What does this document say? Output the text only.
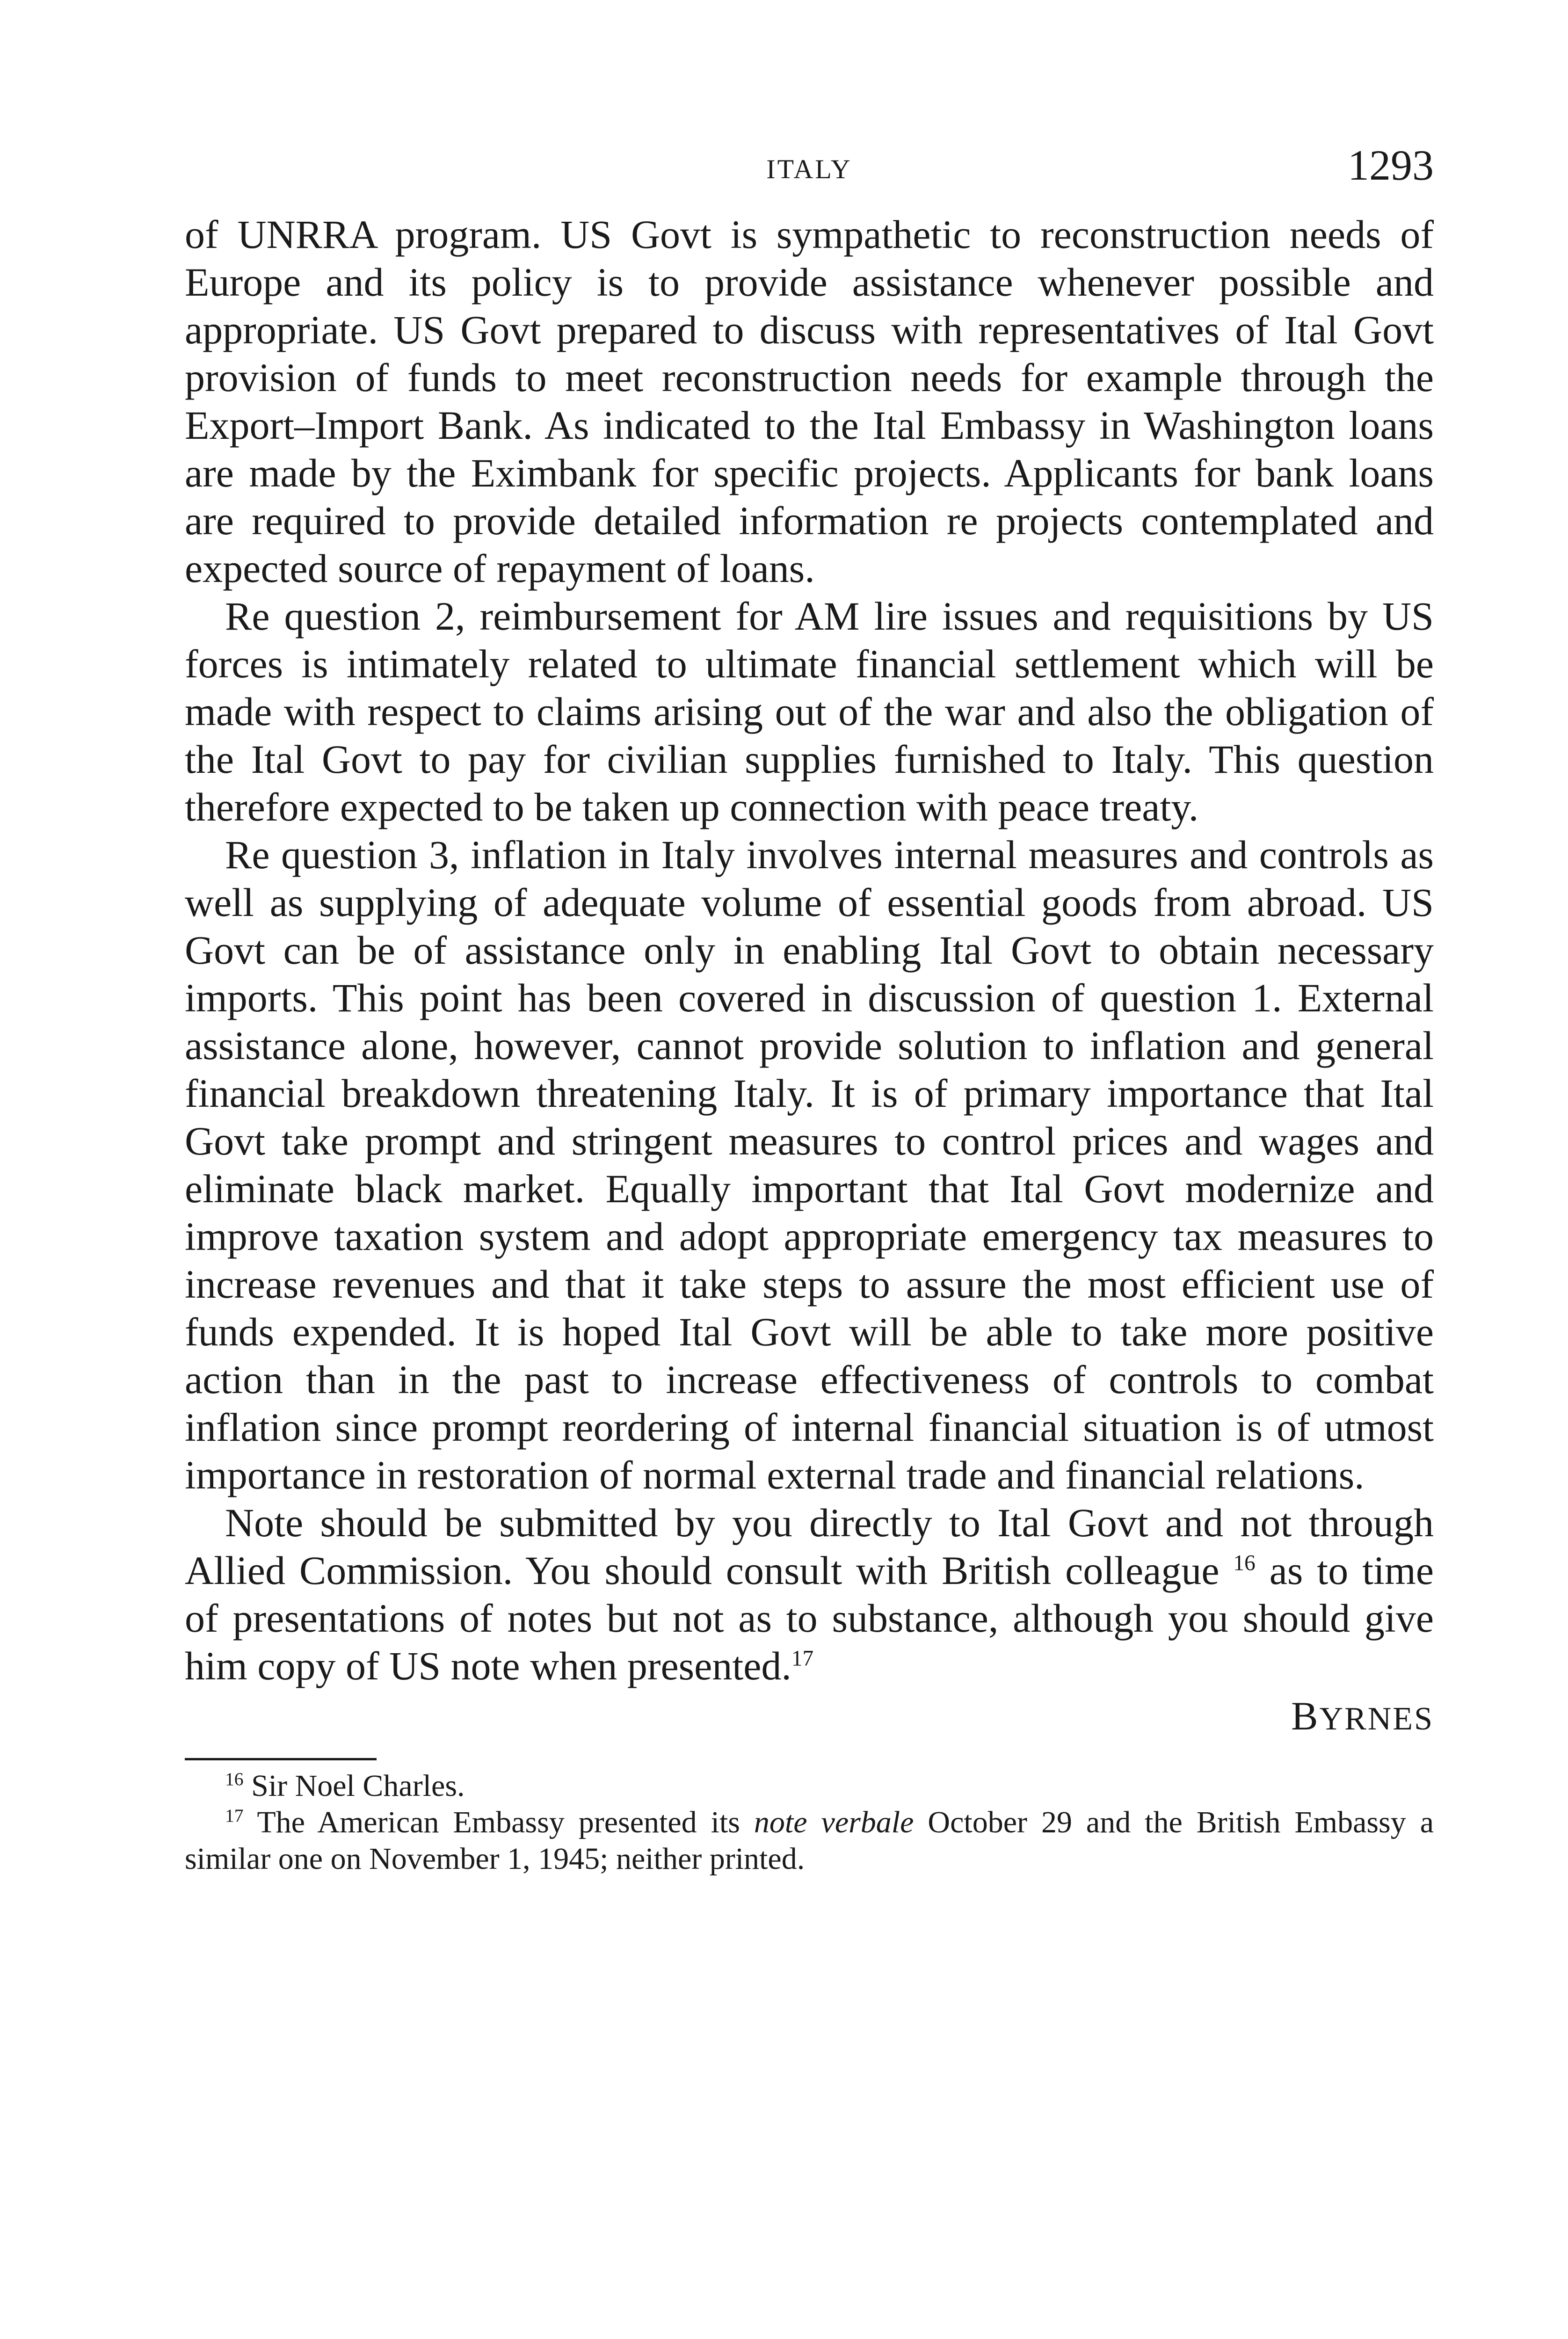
ITALY	1293

of UNRRA program. US Govt is sympathetic to reconstruction needs of Europe and its policy is to provide assistance whenever possible and appropriate. US Govt prepared to discuss with representatives of Ital Govt provision of funds to meet reconstruction needs for example through the Export–Import Bank. As indicated to the Ital Embassy in Washington loans are made by the Eximbank for specific projects. Applicants for bank loans are required to provide detailed information re projects contemplated and expected source of repayment of loans.

Re question 2, reimbursement for AM lire issues and requisitions by US forces is intimately related to ultimate financial settlement which will be made with respect to claims arising out of the war and also the obligation of the Ital Govt to pay for civilian supplies furnished to Italy. This question therefore expected to be taken up connection with peace treaty.

Re question 3, inflation in Italy involves internal measures and controls as well as supplying of adequate volume of essential goods from abroad. US Govt can be of assistance only in enabling Ital Govt to obtain necessary imports. This point has been covered in discussion of question 1. External assistance alone, however, cannot provide solution to inflation and general financial breakdown threatening Italy. It is of primary importance that Ital Govt take prompt and stringent measures to control prices and wages and eliminate black market. Equally important that Ital Govt modernize and improve taxation system and adopt appropriate emergency tax measures to increase revenues and that it take steps to assure the most efficient use of funds expended. It is hoped Ital Govt will be able to take more positive action than in the past to increase effectiveness of controls to combat inflation since prompt reordering of internal financial situation is of utmost importance in restoration of normal external trade and financial relations.

Note should be submitted by you directly to Ital Govt and not through Allied Commission. You should consult with British colleague $^{16}$ as to time of presentations of notes but not as to substance, although you should give him copy of US note when presented.$^{17}$

BYRNES

$^{16}$ Sir Noel Charles.

$^{17}$ The American Embassy presented its note verbale October 29 and the British Embassy a similar one on November 1, 1945; neither printed.
